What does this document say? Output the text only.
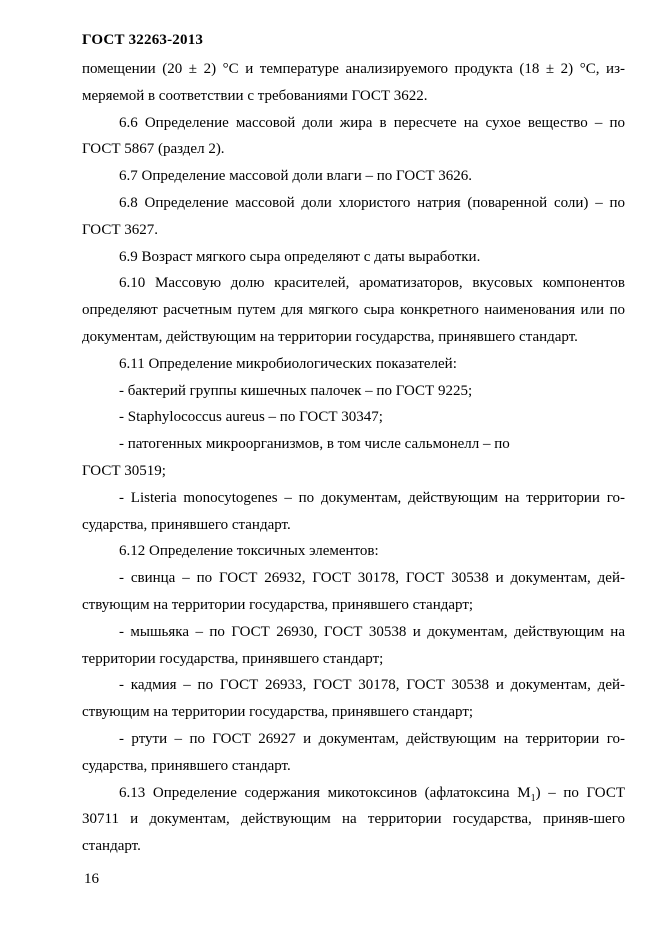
ГОСТ 32263-2013

помещении (20 ± 2) °С и температуре анализируемого продукта (18 ± 2) °С, из-меряемой в соответствии с требованиями ГОСТ 3622.

6.6 Определение массовой доли жира в пересчете на сухое вещество – по ГОСТ 5867 (раздел 2).

6.7 Определение массовой доли влаги – по ГОСТ 3626.

6.8 Определение массовой доли хлористого натрия (поваренной соли) – по ГОСТ 3627.

6.9 Возраст мягкого сыра определяют с даты выработки.

6.10 Массовую долю красителей, ароматизаторов, вкусовых компонентов определяют расчетным путем для мягкого сыра конкретного наименования или по документам, действующим на территории государства, принявшего стандарт.

6.11 Определение микробиологических показателей:

- бактерий группы кишечных палочек – по ГОСТ 9225;

- Staphylococcus aureus – по ГОСТ 30347;

- патогенных микроорганизмов, в том числе сальмонелл – по

ГОСТ 30519;

- Listeria monocytogenes – по документам, действующим на территории го-сударства, принявшего стандарт.

6.12 Определение токсичных элементов:

- свинца – по ГОСТ 26932, ГОСТ 30178, ГОСТ 30538 и документам, дей-ствующим на территории государства, принявшего стандарт;

- мышьяка – по ГОСТ 26930, ГОСТ 30538 и документам, действующим на территории государства, принявшего стандарт;

- кадмия – по ГОСТ 26933, ГОСТ 30178, ГОСТ 30538 и документам, дей-ствующим на территории государства, принявшего стандарт;

- ртути – по ГОСТ 26927 и документам, действующим на территории го-сударства, принявшего стандарт.

6.13 Определение содержания микотоксинов (афлатоксина $M_1$) – по ГОСТ 30711 и документам, действующим на территории государства, приняв-шего стандарт.

16
